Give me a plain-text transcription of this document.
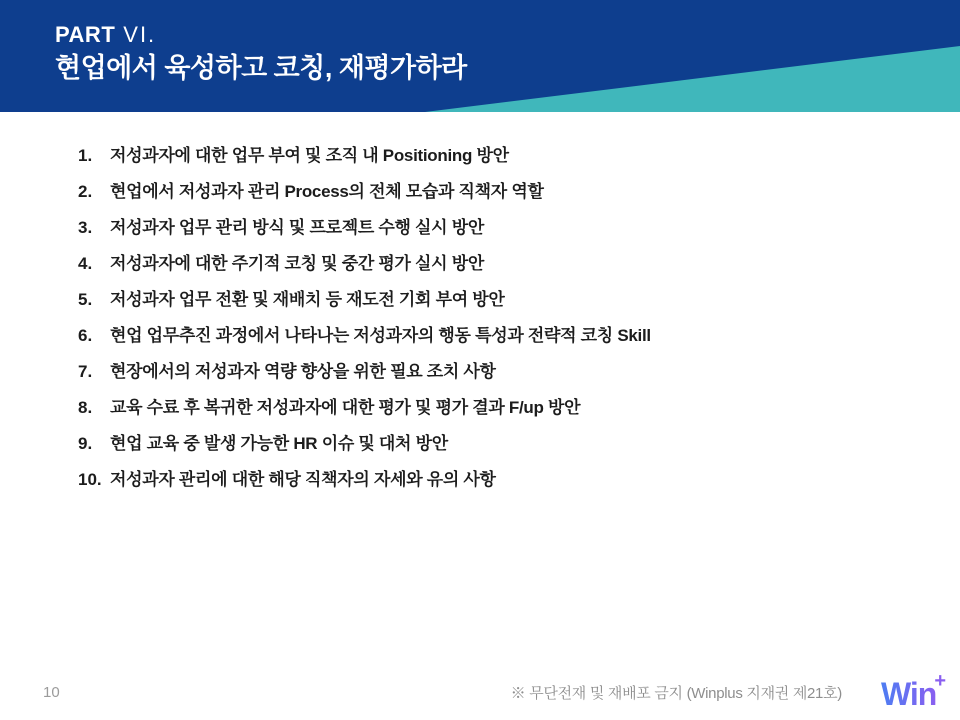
PART VI.
현업에서 육성하고 코칭, 재평가하라
1.	저성과자에 대한 업무 부여 및 조직 내 Positioning 방안
2.	현업에서 저성과자 관리 Process의 전체 모습과 직책자 역할
3.	저성과자 업무 관리 방식 및 프로젝트 수행 실시 방안
4.	저성과자에 대한 주기적 코칭 및 중간 평가 실시 방안
5.	저성과자 업무 전환 및 재배치 등 재도전 기회 부여 방안
6.	현업 업무추진 과정에서 나타나는 저성과자의 행동 특성과 전략적 코칭 Skill
7.	현장에서의 저성과자 역량 향상을 위한 필요 조치 사항
8.	교육 수료 후 복귀한 저성과자에 대한 평가 및 평가 결과 F/up 방안
9.	현업 교육 중 발생 가능한 HR 이슈 및 대처 방안
10. 저성과자 관리에 대한 해당 직책자의 자세와 유의 사항
10	※ 무단전재 및 재배포 금지 (Winplus 지재권 제21호) Win+
